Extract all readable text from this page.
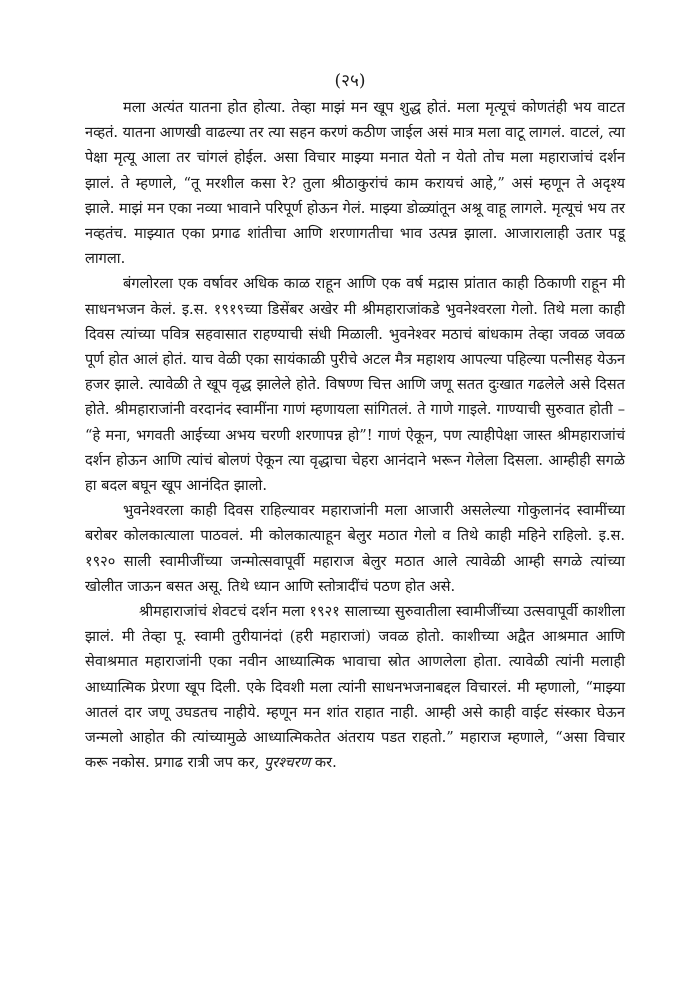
(२५)

मला अत्यंत यातना होत होत्या. तेव्हा माझं मन खूप शुद्ध होतं. मला मृत्यूचं कोणतंही भय वाटत नव्हतं. यातना आणखी वाढल्या तर त्या सहन करणं कठीण जाईल असं मात्र मला वाटू लागलं. वाटलं, त्या पेक्षा मृत्यू आला तर चांगलं होईल. असा विचार माझ्या मनात येतो न येतो तोच मला महाराजांचं दर्शन झालं. ते म्हणाले, “तू मरशील कसा रे? तुला श्रीठाकुरांचं काम करायचं आहे,” असं म्हणून ते अदृश्य झाले. माझं मन एका नव्या भावाने परिपूर्ण होऊन गेलं. माझ्या डोळ्यांतून अश्रू वाहू लागले. मृत्यूचं भय तर नव्हतंच. माझ्यात एका प्रगाढ शांतीचा आणि शरणागतीचा भाव उत्पन्न झाला. आजारालाही उतार पडू लागला.

बंगलोरला एक वर्षावर अधिक काळ राहून आणि एक वर्ष मद्रास प्रांतात काही ठिकाणी राहून मी साधनभजन केलं. इ.स. १९१९च्या डिसेंबर अखेर मी श्रीमहाराजांकडे भुवनेश्वरला गेलो. तिथे मला काही दिवस त्यांच्या पवित्र सहवासात राहण्याची संधी मिळाली. भुवनेश्वर मठाचं बांधकाम तेव्हा जवळ जवळ पूर्ण होत आलं होतं. याच वेळी एका सायंकाळी पुरीचे अटल मैत्र महाशय आपल्या पहिल्या पत्नीसह येऊन हजर झाले. त्यावेळी ते खूप वृद्ध झालेले होते. विषण्ण चित्त आणि जणू सतत दुःखात गढलेले असे दिसत होते. श्रीमहाराजांनी वरदानंद स्वामींना गाणं म्हणायला सांगितलं. ते गाणे गाइले. गाण्याची सुरुवात होती – “हे मना, भगवती आईच्या अभय चरणी शरणापन्न हो”! गाणं ऐकून, पण त्याहीपेक्षा जास्त श्रीमहाराजांचं दर्शन होऊन आणि त्यांचं बोलणं ऐकून त्या वृद्धाचा चेहरा आनंदाने भरून गेलेला दिसला. आम्हीही सगळे हा बदल बघून खूप आनंदित झालो.

भुवनेश्वरला काही दिवस राहिल्यावर महाराजांनी मला आजारी असलेल्या गोकुलानंद स्वामींच्या बरोबर कोलकात्याला पाठवलं. मी कोलकात्याहून बेलुर मठात गेलो व तिथे काही महिने राहिलो. इ.स. १९२० साली स्वामीजींच्या जन्मोत्सवापूर्वी महाराज बेलुर मठात आले त्यावेळी आम्ही सगळे त्यांच्या खोलीत जाऊन बसत असू. तिथे ध्यान आणि स्तोत्रादींचं पठण होत असे.

श्रीमहाराजांचं शेवटचं दर्शन मला १९२१ सालाच्या सुरुवातीला स्वामीजींच्या उत्सवापूर्वी काशीला झालं. मी तेव्हा पू. स्वामी तुरीयानंदां (हरी महाराजां) जवळ होतो. काशीच्या अद्वैत आश्रमात आणि सेवाश्रमात महाराजांनी एका नवीन आध्यात्मिक भावाचा स्रोत आणलेला होता. त्यावेळी त्यांनी मलाही आध्यात्मिक प्रेरणा खूप दिली. एके दिवशी मला त्यांनी साधनभजनाबद्दल विचारलं. मी म्हणालो, “माझ्या आतलं दार जणू उघडतच नाहीये. म्हणून मन शांत राहात नाही. आम्ही असे काही वाईट संस्कार घेऊन जन्मलो आहोत की त्यांच्यामुळे आध्यात्मिकतेत अंतराय पडत राहतो.” महाराज म्हणाले, “असा विचार करू नकोस. प्रगाढ रात्री जप कर, पुरश्चरण कर.
